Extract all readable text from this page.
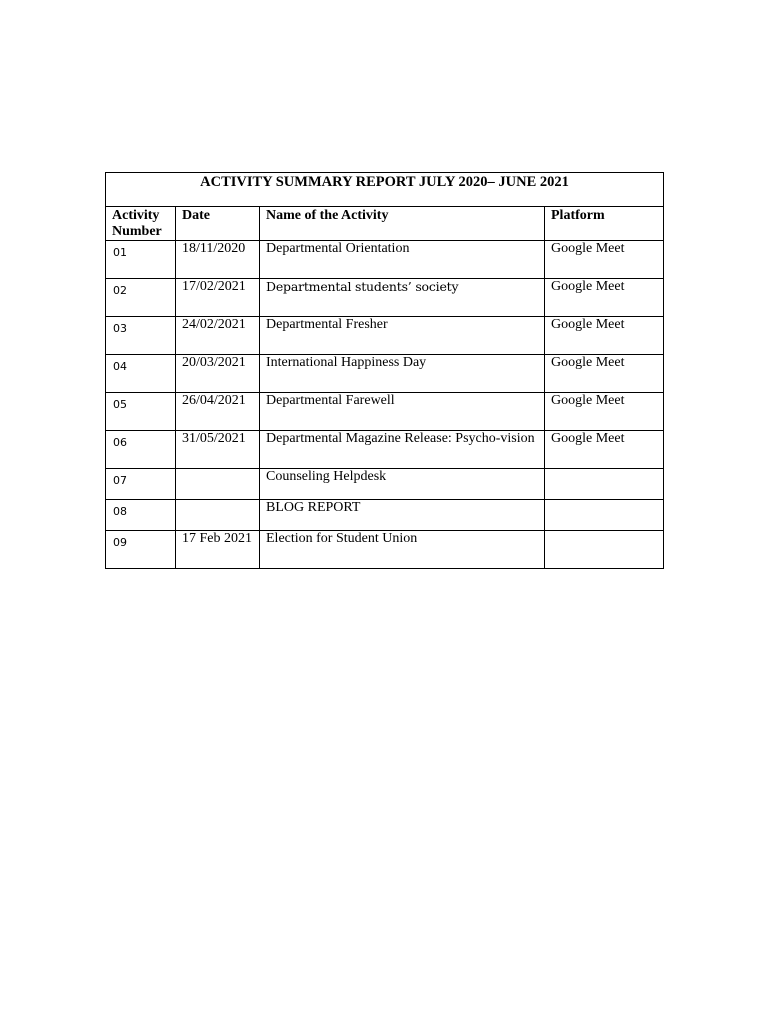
ACTIVITY SUMMARY REPORT JULY 2020– JUNE 2021			
Activity Number	Date	Name of the Activity	Platform
01	18/11/2020	Departmental Orientation	Google Meet
02	17/02/2021	Departmental students’ society	Google Meet
03	24/02/2021	Departmental Fresher	Google Meet
04	20/03/2021	International Happiness Day	Google Meet
05	26/04/2021	Departmental Farewell	Google Meet
06	31/05/2021	Departmental Magazine Release: Psycho-vision	Google Meet
07		Counseling Helpdesk	
08		BLOG REPORT	
09	17 Feb 2021	Election for Student Union	
